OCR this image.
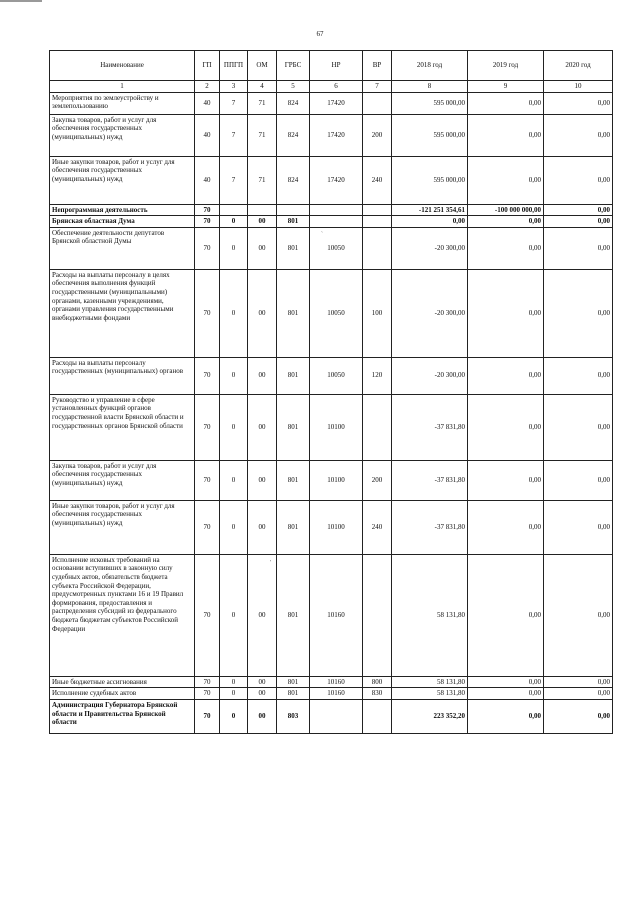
67
`
'
Наименование	ГП	ППГП	ОМ	ГРБС	НР	ВР	2018 год	2019 год	2020 год
1	2	3	4	5	6	7	8	9	10
Мероприятия по землеустройству и землепользованию	40	7	71	824	17420		595 000,00	0,00	0,00
Закупка товаров, работ и услуг для обеспечения государственных (муниципальных) нужд	40	7	71	824	17420	200	595 000,00	0,00	0,00
Иные закупки товаров, работ и услуг для обеспечения государственных (муниципальных) нужд	40	7	71	824	17420	240	595 000,00	0,00	0,00
Непрограммная деятельность	70						-121 251 354,61	-100 000 000,00	0,00
Брянская областная Дума	70	0	00	801			0,00	0,00	0,00
Обеспечение деятельности депутатов Брянской областной Думы	70	0	00	801	10050		-20 300,00	0,00	0,00
Расходы на выплаты персоналу в целях обеспечения выполнения функций государственными (муниципальными) органами, казенными учреждениями, органами управления государственными внебюджетными фондами	70	0	00	801	10050	100	-20 300,00	0,00	0,00
Расходы на выплаты персоналу государственных (муниципальных) органов	70	0	00	801	10050	120	-20 300,00	0,00	0,00
Руководство и управление в сфере установленных функций органов государственной власти Брянской области и государственных органов Брянской области	70	0	00	801	10100		-37 831,80	0,00	0,00
Закупка товаров, работ и услуг для обеспечения государственных (муниципальных) нужд	70	0	00	801	10100	200	-37 831,80	0,00	0,00
Иные закупки товаров, работ и услуг для обеспечения государственных (муниципальных) нужд	70	0	00	801	10100	240	-37 831,80	0,00	0,00
Исполнение исковых требований на основании вступивших в законную силу судебных актов, обязательств бюджета субъекта Российской Федерации, предусмотренных пунктами 16 и 19 Правил формирования, предоставления и распределения субсидий из федерального бюджета бюджетам субъектов Российской Федерации	70	0	00	801	10160		58 131,80	0,00	0,00
Иные бюджетные ассигнования	70	0	00	801	10160	800	58 131,80	0,00	0,00
Исполнение судебных актов	70	0	00	801	10160	830	58 131,80	0,00	0,00
Администрация Губернатора Брянской области и Правительства Брянской области	70	0	00	803			223 352,20	0,00	0,00
